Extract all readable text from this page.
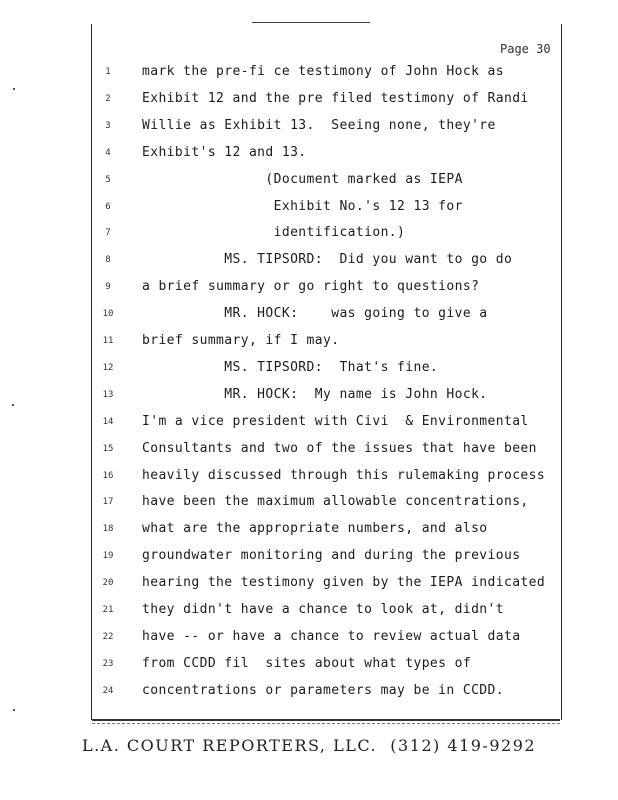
Page 30
1	mark the pre-fi ce testimony of John Hock as
2	Exhibit 12 and the pre filed testimony of Randi
3	Willie as Exhibit 13.  Seeing none, they're
4	Exhibit's 12 and 13.
5	(Document marked as IEPA
6	Exhibit No.'s 12 13 for
7	identification.)
8	MS. TIPSORD:  Did you want to go do
9	a brief summary or go right to questions?
10	MR. HOCK:    was going to give a
11	brief summary, if I may.
12	MS. TIPSORD:  That's fine.
13	MR. HOCK:  My name is John Hock.
14	I'm a vice president with Civi  & Environmental
15	Consultants and two of the issues that have been
16	heavily discussed through this rulemaking process
17	have been the maximum allowable concentrations,
18	what are the appropriate numbers, and also
19	groundwater monitoring and during the previous
20	hearing the testimony given by the IEPA indicated
21	they didn't have a chance to look at, didn't
22	have -- or have a chance to review actual data
23	from CCDD fil  sites about what types of
24	concentrations or parameters may be in CCDD.
L.A. COURT REPORTERS, LLC.  (312) 419-9292
